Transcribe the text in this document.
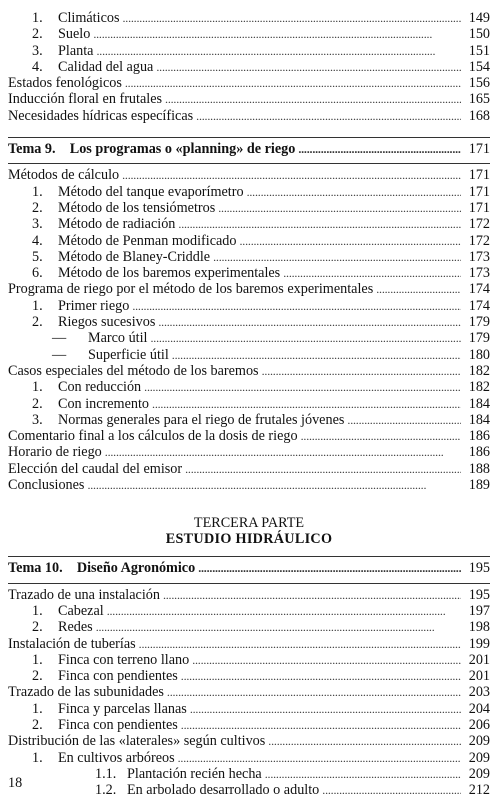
1.	Climáticos . . .	149
2.	Suelo . . .	150
3.	Planta . . .	151
4.	Calidad del agua . . .	154
Estados fenológicos . . .	156
Inducción floral en frutales . . .	165
Necesidades hídricas específicas . . .	168
Tema 9. Los programas o «planning» de riego . . .	171
Métodos de cálculo . . .	171
1.	Método del tanque evaporímetro . . .	171
2.	Método de los tensiómetros . . .	171
3.	Método de radiación . . .	172
4.	Método de Penman modificado . . .	172
5.	Método de Blaney-Criddle . . .	173
6.	Método de los baremos experimentales . . .	173
Programa de riego por el método de los baremos experimentales . . .	174
1.	Primer riego . . .	174
2.	Riegos sucesivos . . .	179
—	Marco útil . . .	179
—	Superficie útil . . .	180
Casos especiales del método de los baremos . . .	182
1.	Con reducción . . .	182
2.	Con incremento . . .	184
3.	Normas generales para el riego de frutales jóvenes . . .	184
Comentario final a los cálculos de la dosis de riego . . .	186
Horario de riego . . .	186
Elección del caudal del emisor . . .	188
Conclusiones . . .	189
TERCERA PARTE
ESTUDIO HIDRÁULICO
Tema 10. Diseño Agronómico . . .	195
Trazado de una instalación . . .	195
1.	Cabezal . . .	197
2.	Redes . . .	198
Instalación de tuberías . . .	199
1.	Finca con terreno llano . . .	201
2.	Finca con pendientes . . .	201
Trazado de las subunidades . . .	203
1.	Finca y parcelas llanas . . .	204
2.	Finca con pendientes . . .	206
Distribución de las «laterales» según cultivos . . .	209
1.	En cultivos arbóreos . . .	209
1.1. Plantación recién hecha . . .	209
1.2. En arbolado desarrollado o adulto . . .	212
18
